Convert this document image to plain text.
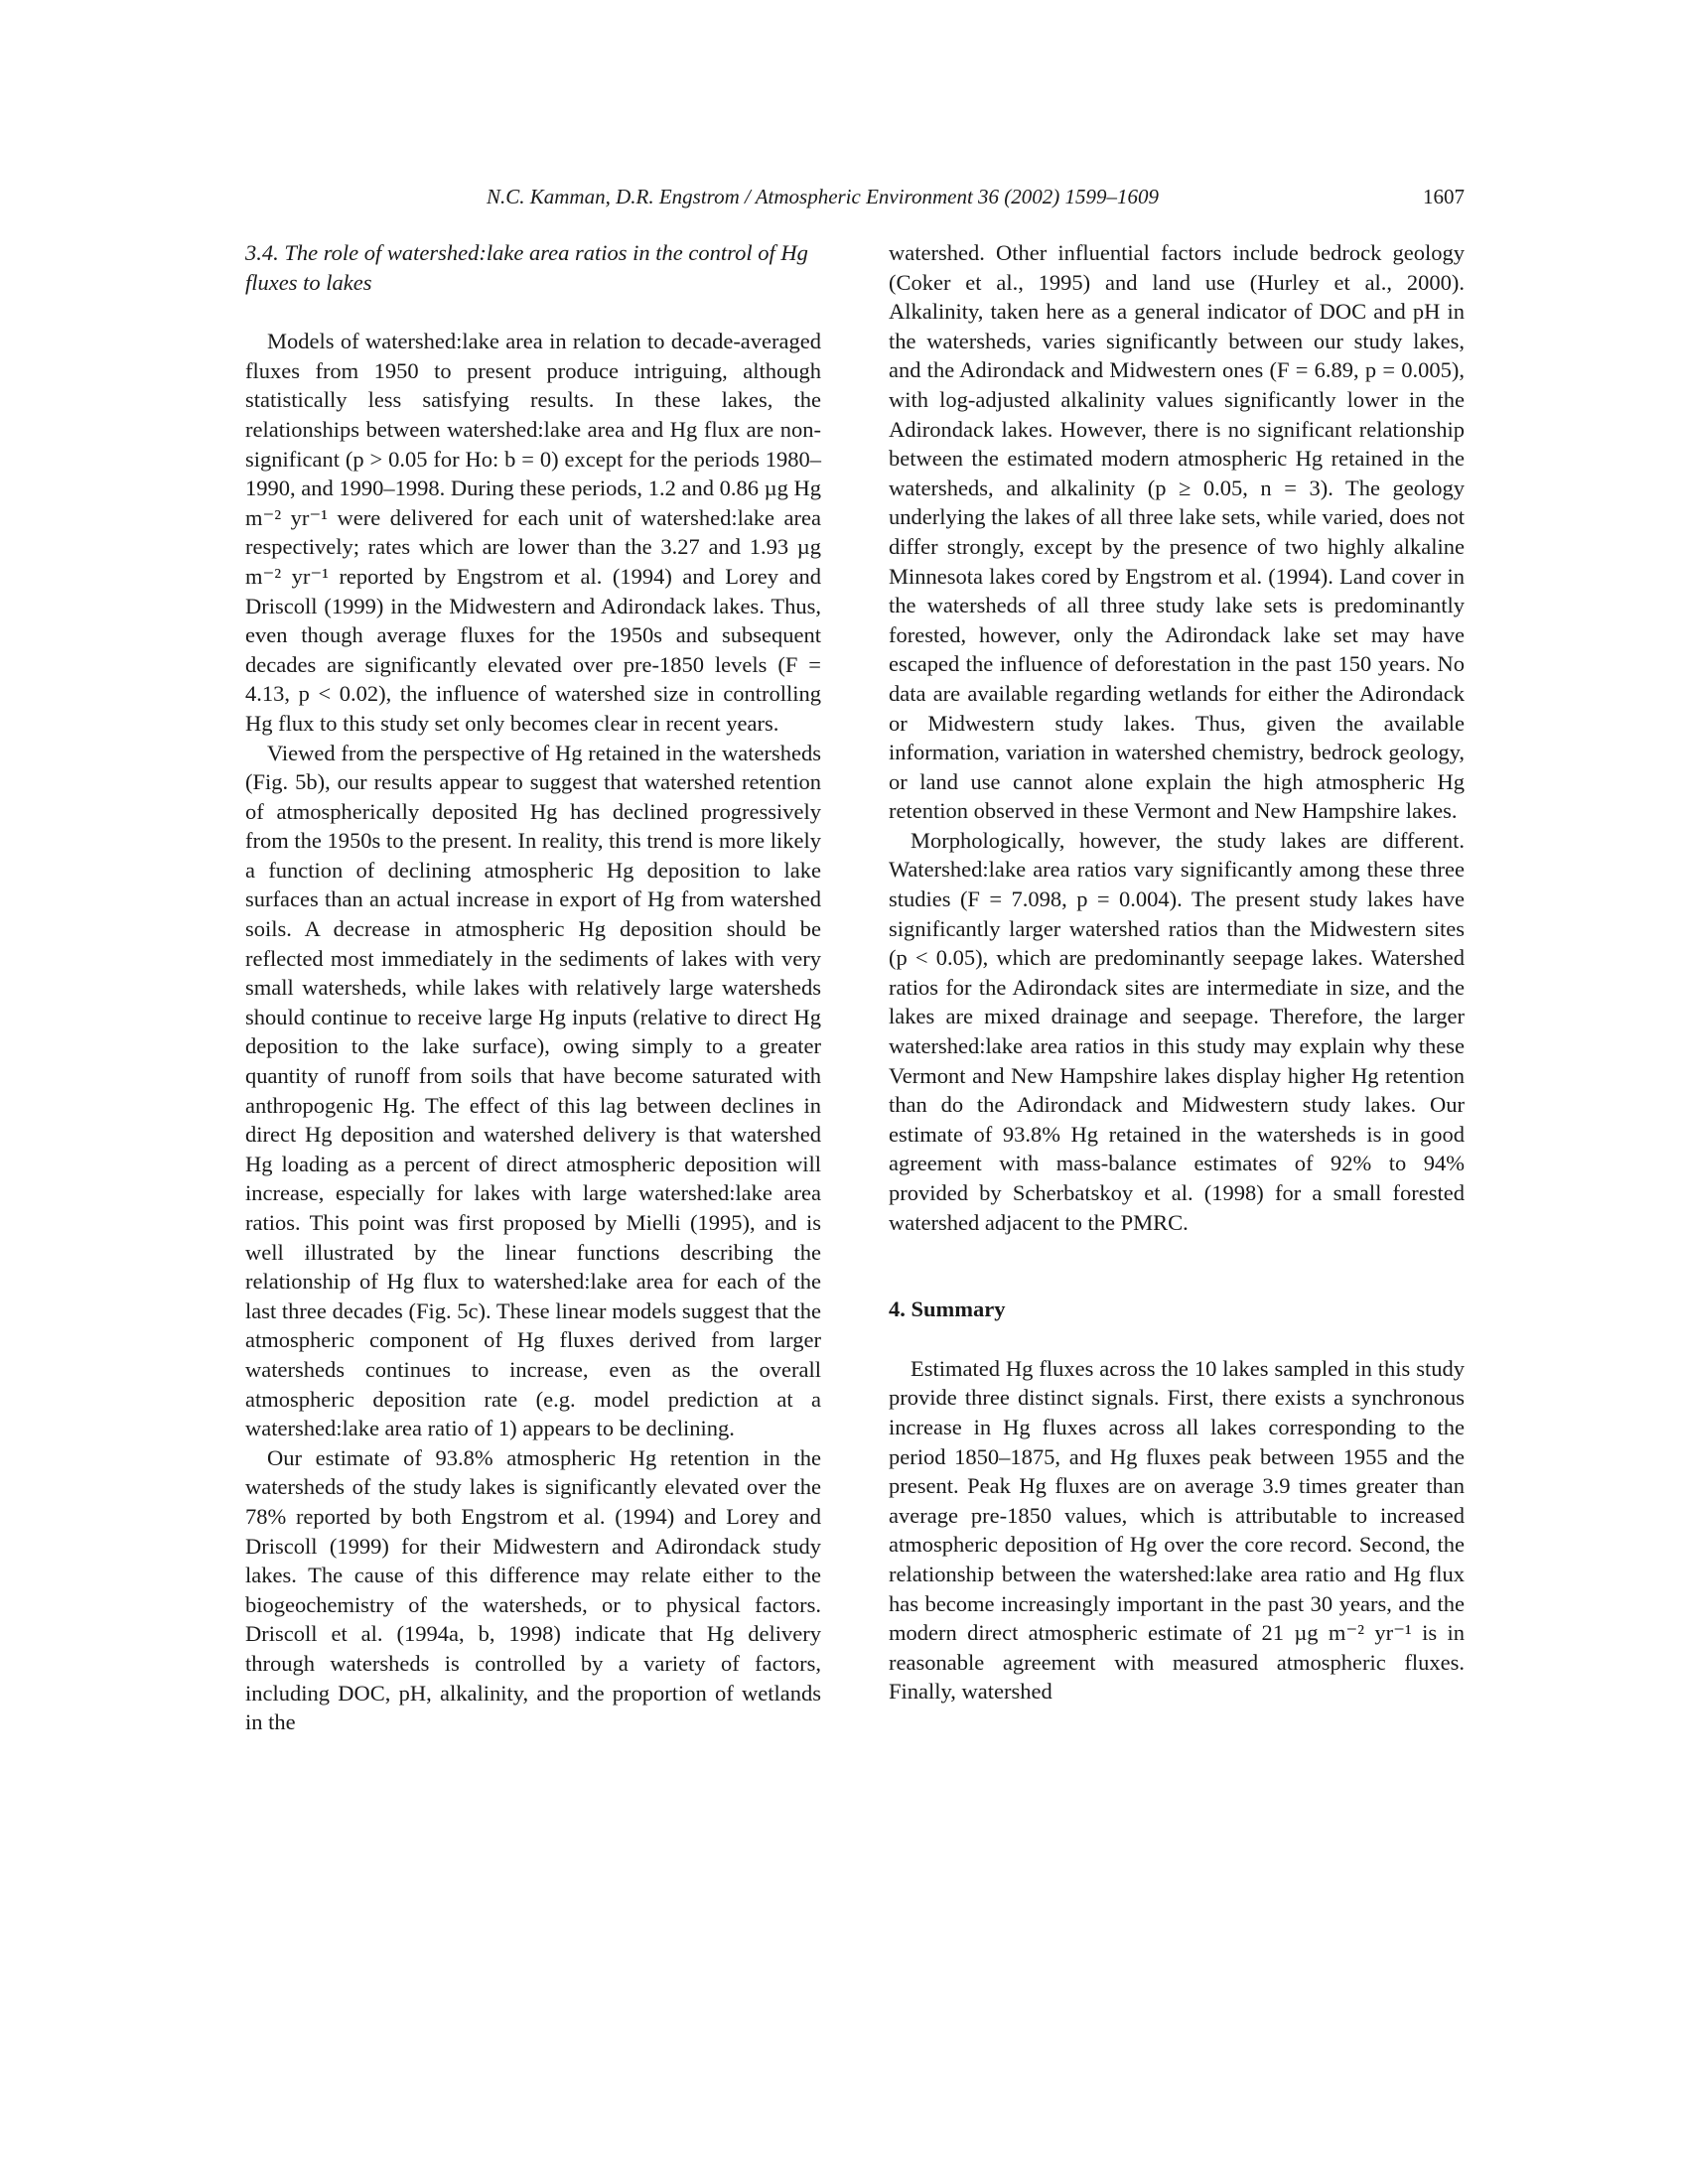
N.C. Kamman, D.R. Engstrom / Atmospheric Environment 36 (2002) 1599–1609	1607
3.4. The role of watershed:lake area ratios in the control of Hg fluxes to lakes

Models of watershed:lake area in relation to decade-averaged fluxes from 1950 to present produce intriguing, although statistically less satisfying results. In these lakes, the relationships between watershed:lake area and Hg flux are non-significant (p > 0.05 for Ho: b = 0) except for the periods 1980–1990, and 1990–1998. During these periods, 1.2 and 0.86 µg Hg m⁻² yr⁻¹ were delivered for each unit of watershed:lake area respectively; rates which are lower than the 3.27 and 1.93 µg m⁻² yr⁻¹ reported by Engstrom et al. (1994) and Lorey and Driscoll (1999) in the Midwestern and Adirondack lakes. Thus, even though average fluxes for the 1950s and subsequent decades are significantly elevated over pre-1850 levels (F = 4.13, p < 0.02), the influence of watershed size in controlling Hg flux to this study set only becomes clear in recent years.

Viewed from the perspective of Hg retained in the watersheds (Fig. 5b), our results appear to suggest that watershed retention of atmospherically deposited Hg has declined progressively from the 1950s to the present. In reality, this trend is more likely a function of declining atmospheric Hg deposition to lake surfaces than an actual increase in export of Hg from watershed soils. A decrease in atmospheric Hg deposition should be reflected most immediately in the sediments of lakes with very small watersheds, while lakes with relatively large watersheds should continue to receive large Hg inputs (relative to direct Hg deposition to the lake surface), owing simply to a greater quantity of runoff from soils that have become saturated with anthropogenic Hg. The effect of this lag between declines in direct Hg deposition and watershed delivery is that watershed Hg loading as a percent of direct atmospheric deposition will increase, especially for lakes with large watershed:lake area ratios. This point was first proposed by Mielli (1995), and is well illustrated by the linear functions describing the relationship of Hg flux to watershed:lake area for each of the last three decades (Fig. 5c). These linear models suggest that the atmospheric component of Hg fluxes derived from larger watersheds continues to increase, even as the overall atmospheric deposition rate (e.g. model prediction at a watershed:lake area ratio of 1) appears to be declining.

Our estimate of 93.8% atmospheric Hg retention in the watersheds of the study lakes is significantly elevated over the 78% reported by both Engstrom et al. (1994) and Lorey and Driscoll (1999) for their Midwestern and Adirondack study lakes. The cause of this difference may relate either to the biogeochemistry of the watersheds, or to physical factors. Driscoll et al. (1994a, b, 1998) indicate that Hg delivery through watersheds is controlled by a variety of factors, including DOC, pH, alkalinity, and the proportion of wetlands in the

watershed. Other influential factors include bedrock geology (Coker et al., 1995) and land use (Hurley et al., 2000). Alkalinity, taken here as a general indicator of DOC and pH in the watersheds, varies significantly between our study lakes, and the Adirondack and Midwestern ones (F = 6.89, p = 0.005), with log-adjusted alkalinity values significantly lower in the Adirondack lakes. However, there is no significant relationship between the estimated modern atmospheric Hg retained in the watersheds, and alkalinity (p ≥ 0.05, n = 3). The geology underlying the lakes of all three lake sets, while varied, does not differ strongly, except by the presence of two highly alkaline Minnesota lakes cored by Engstrom et al. (1994). Land cover in the watersheds of all three study lake sets is predominantly forested, however, only the Adirondack lake set may have escaped the influence of deforestation in the past 150 years. No data are available regarding wetlands for either the Adirondack or Midwestern study lakes. Thus, given the available information, variation in watershed chemistry, bedrock geology, or land use cannot alone explain the high atmospheric Hg retention observed in these Vermont and New Hampshire lakes.

Morphologically, however, the study lakes are different. Watershed:lake area ratios vary significantly among these three studies (F = 7.098, p = 0.004). The present study lakes have significantly larger watershed ratios than the Midwestern sites (p < 0.05), which are predominantly seepage lakes. Watershed ratios for the Adirondack sites are intermediate in size, and the lakes are mixed drainage and seepage. Therefore, the larger watershed:lake area ratios in this study may explain why these Vermont and New Hampshire lakes display higher Hg retention than do the Adirondack and Midwestern study lakes. Our estimate of 93.8% Hg retained in the watersheds is in good agreement with mass-balance estimates of 92% to 94% provided by Scherbatskoy et al. (1998) for a small forested watershed adjacent to the PMRC.

4. Summary

Estimated Hg fluxes across the 10 lakes sampled in this study provide three distinct signals. First, there exists a synchronous increase in Hg fluxes across all lakes corresponding to the period 1850–1875, and Hg fluxes peak between 1955 and the present. Peak Hg fluxes are on average 3.9 times greater than average pre-1850 values, which is attributable to increased atmospheric deposition of Hg over the core record. Second, the relationship between the watershed:lake area ratio and Hg flux has become increasingly important in the past 30 years, and the modern direct atmospheric estimate of 21 µg m⁻² yr⁻¹ is in reasonable agreement with measured atmospheric fluxes. Finally, watershed
